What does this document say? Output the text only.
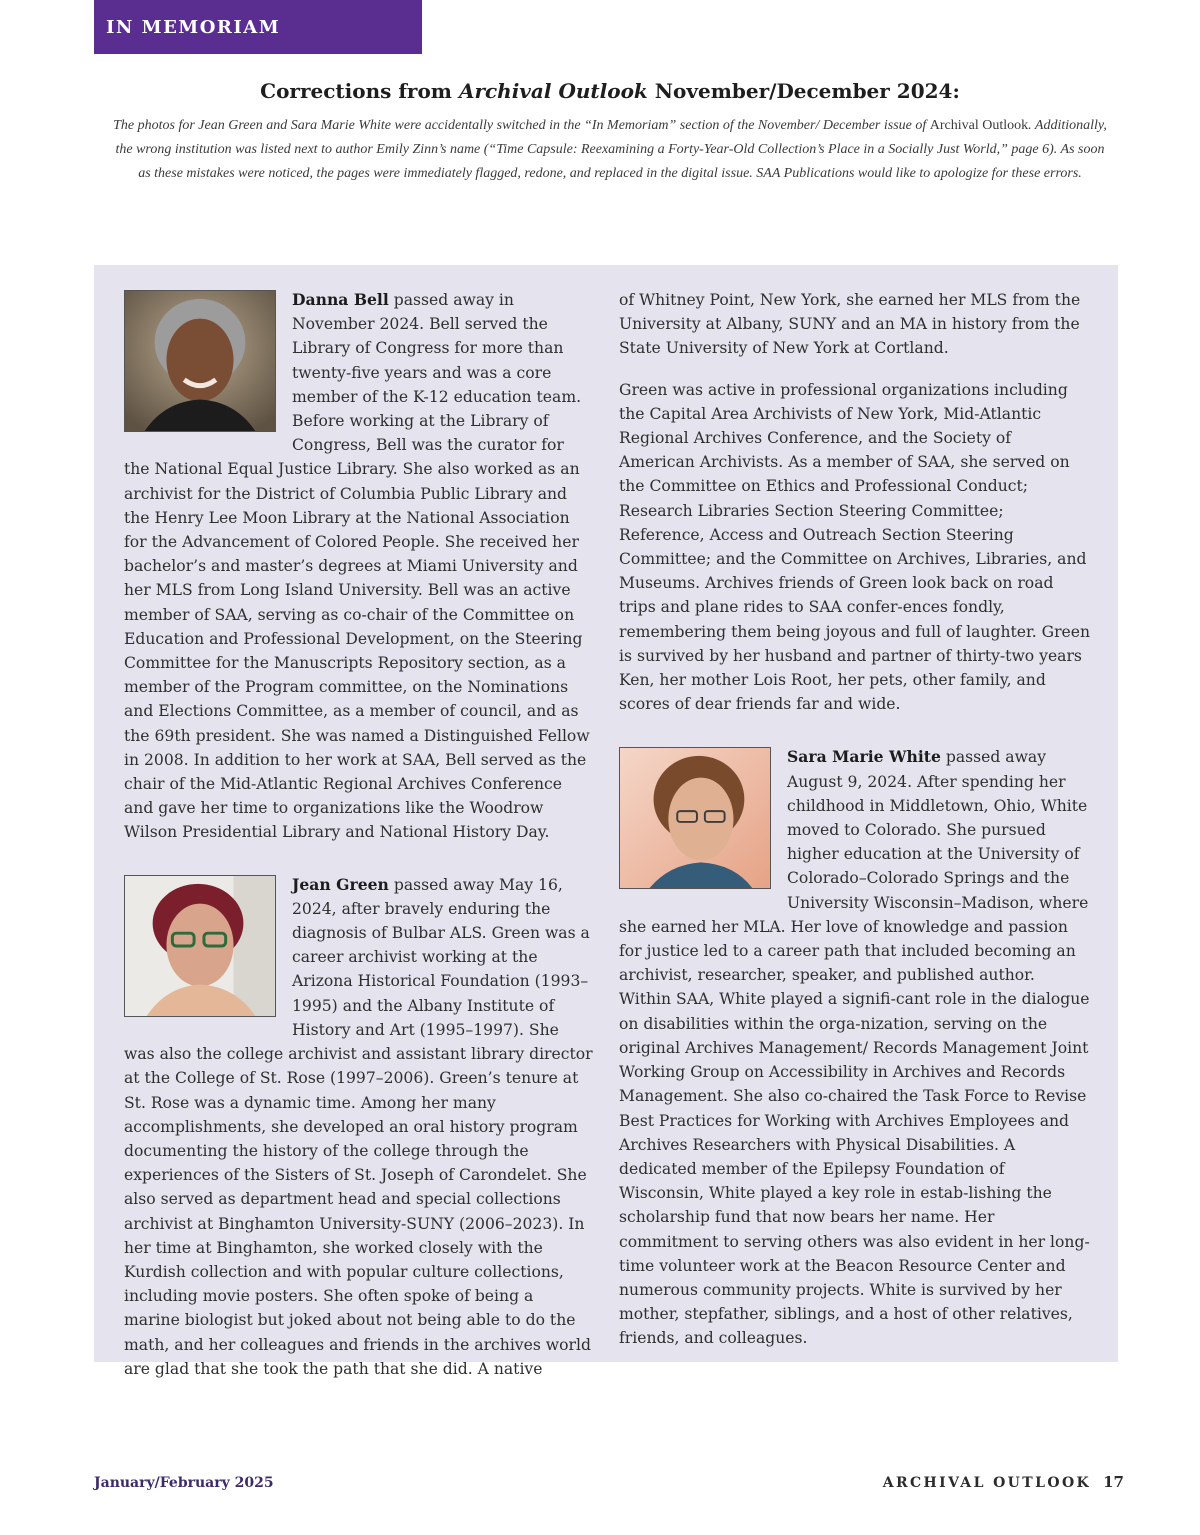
IN MEMORIAM
Corrections from Archival Outlook November/December 2024:

The photos for Jean Green and Sara Marie White were accidentally switched in the “In Memoriam” section of the November/ December issue of Archival Outlook. Additionally, the wrong institution was listed next to author Emily Zinn’s name (“Time Capsule: Reexamining a Forty-Year-Old Collection’s Place in a Socially Just World,” page 6). As soon as these mistakes were noticed, the pages were immediately flagged, redone, and replaced in the digital issue. SAA Publications would like to apologize for these errors.

Danna Bell passed away in November 2024. Bell served the Library of Congress for more than twenty-five years and was a core member of the K-12 education team. Before working at the Library of Congress, Bell was the curator for the National Equal Justice Library. She also worked as an archivist for the District of Columbia Public Library and the Henry Lee Moon Library at the National Association for the Advancement of Colored People. She received her bachelor’s and master’s degrees at Miami University and her MLS from Long Island University. Bell was an active member of SAA, serving as co-chair of the Committee on Education and Professional Development, on the Steering Committee for the Manuscripts Repository section, as a member of the Program committee, on the Nominations and Elections Committee, as a member of council, and as the 69th president. She was named a Distinguished Fellow in 2008. In addition to her work at SAA, Bell served as the chair of the Mid-Atlantic Regional Archives Conference and gave her time to organizations like the Woodrow Wilson Presidential Library and National History Day.

Jean Green passed away May 16, 2024, after bravely enduring the diagnosis of Bulbar ALS. Green was a career archivist working at the Arizona Historical Foundation (1993–1995) and the Albany Institute of History and Art (1995–1997). She was also the college archivist and assistant library director at the College of St. Rose (1997–2006). Green’s tenure at St. Rose was a dynamic time. Among her many accomplishments, she developed an oral history program documenting the history of the college through the experiences of the Sisters of St. Joseph of Carondelet. She also served as department head and special collections archivist at Binghamton University-SUNY (2006–2023). In her time at Binghamton, she worked closely with the Kurdish collection and with popular culture collections, including movie posters. She often spoke of being a marine biologist but joked about not being able to do the math, and her colleagues and friends in the archives world are glad that she took the path that she did. A native

of Whitney Point, New York, she earned her MLS from the University at Albany, SUNY and an MA in history from the State University of New York at Cortland.

Green was active in professional organizations including the Capital Area Archivists of New York, Mid-Atlantic Regional Archives Conference, and the Society of American Archivists. As a member of SAA, she served on the Committee on Ethics and Professional Conduct; Research Libraries Section Steering Committee; Reference, Access and Outreach Section Steering Committee; and the Committee on Archives, Libraries, and Museums. Archives friends of Green look back on road trips and plane rides to SAA confer-ences fondly, remembering them being joyous and full of laughter. Green is survived by her husband and partner of thirty-two years Ken, her mother Lois Root, her pets, other family, and scores of dear friends far and wide.

Sara Marie White passed away August 9, 2024. After spending her childhood in Middletown, Ohio, White moved to Colorado. She pursued higher education at the University of Colorado–Colorado Springs and the University Wisconsin–Madison, where she earned her MLA. Her love of knowledge and passion for justice led to a career path that included becoming an archivist, researcher, speaker, and published author. Within SAA, White played a signifi-cant role in the dialogue on disabilities within the orga-nization, serving on the original Archives Management/ Records Management Joint Working Group on Accessibility in Archives and Records Management. She also co-chaired the Task Force to Revise Best Practices for Working with Archives Employees and Archives Researchers with Physical Disabilities. A dedicated member of the Epilepsy Foundation of Wisconsin, White played a key role in estab-lishing the scholarship fund that now bears her name. Her commitment to serving others was also evident in her long-time volunteer work at the Beacon Resource Center and numerous community projects. White is survived by her mother, stepfather, siblings, and a host of other relatives, friends, and colleagues.

January/February 2025	ARCHIVAL OUTLOOK 17
